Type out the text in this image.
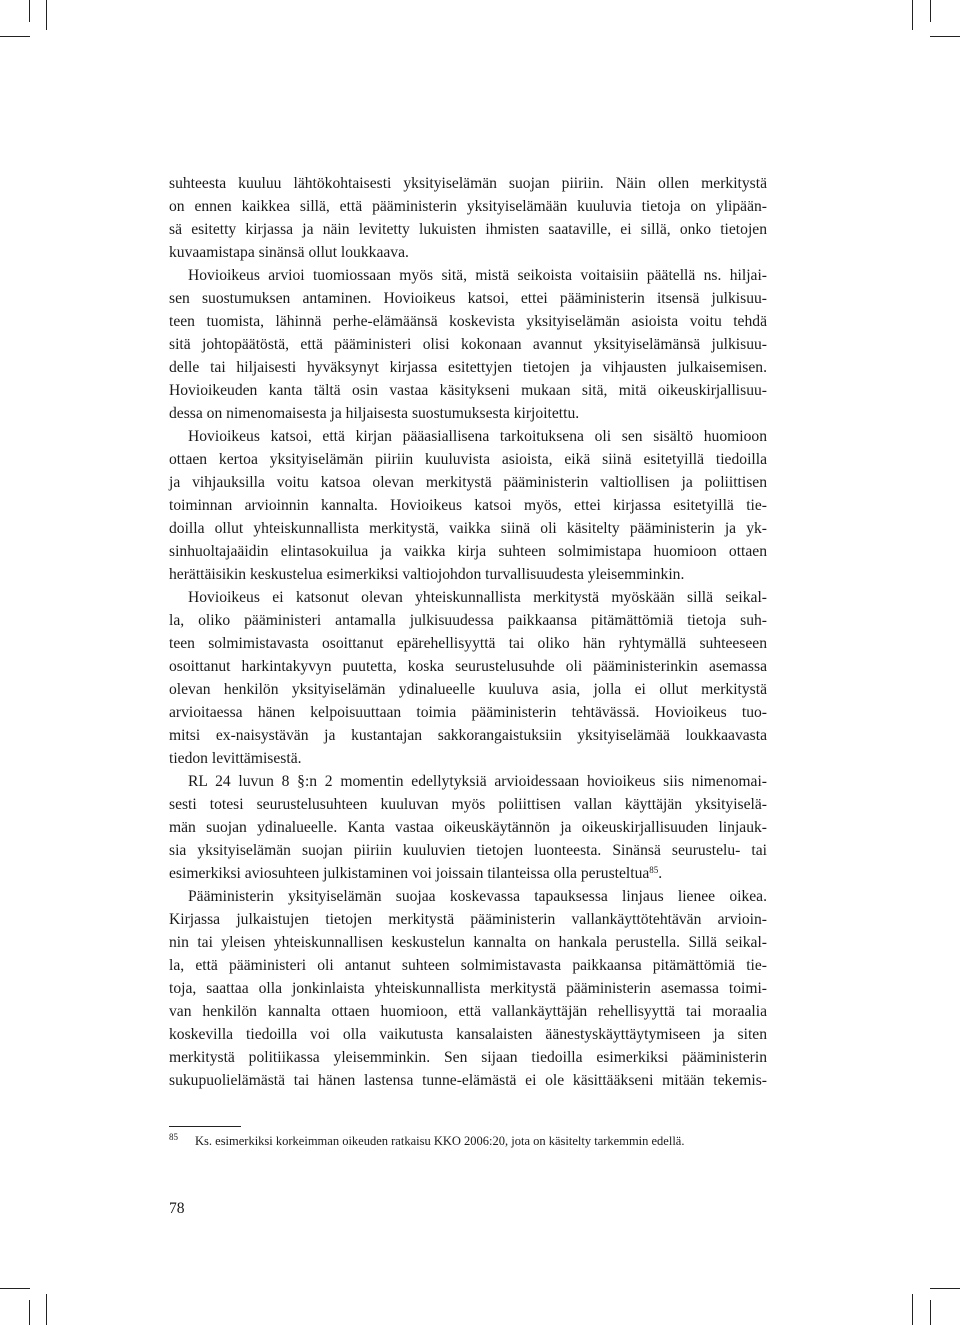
suhteesta kuuluu lähtökohtaisesti yksityiselämän suojan piiriin. Näin ollen merkitystä
on ennen kaikkea sillä, että pääministerin yksityiselämään kuuluvia tietoja on ylipään-
sä esitetty kirjassa ja näin levitetty lukuisten ihmisten saataville, ei sillä, onko tietojen
kuvaamistapa sinänsä ollut loukkaava.
Hovioikeus arvioi tuomiossaan myös sitä, mistä seikoista voitaisiin päätellä ns. hiljai-
sen suostumuksen antaminen. Hovioikeus katsoi, ettei pääministerin itsensä julkisuu-
teen tuomista, lähinnä perhe-elämäänsä koskevista yksityiselämän asioista voitu tehdä
sitä johtopäätöstä, että pääministeri olisi kokonaan avannut yksityiselämänsä julkisuu-
delle tai hiljaisesti hyväksynyt kirjassa esitettyjen tietojen ja vihjausten julkaisemisen.
Hovioikeuden kanta tältä osin vastaa käsitykseni mukaan sitä, mitä oikeuskirjallisuu-
dessa on nimenomaisesta ja hiljaisesta suostumuksesta kirjoitettu.
Hovioikeus katsoi, että kirjan pääasiallisena tarkoituksena oli sen sisältö huomioon
ottaen kertoa yksityiselämän piiriin kuuluvista asioista, eikä siinä esitetyillä tiedoilla
ja vihjauksilla voitu katsoa olevan merkitystä pääministerin valtiollisen ja poliittisen
toiminnan arvioinnin kannalta. Hovioikeus katsoi myös, ettei kirjassa esitetyillä tie-
doilla ollut yhteiskunnallista merkitystä, vaikka siinä oli käsitelty pääministerin ja yk-
sinhuoltajaäidin elintasokuilua ja vaikka kirja suhteen solmimistapa huomioon ottaen
herättäisikin keskustelua esimerkiksi valtiojohdon turvallisuudesta yleisemminkin.
Hovioikeus ei katsonut olevan yhteiskunnallista merkitystä myöskään sillä seikal-
la, oliko pääministeri antamalla julkisuudessa paikkaansa pitämättömiä tietoja suh-
teen solmimistavasta osoittanut epärehellisyyttä tai oliko hän ryhtymällä suhteeseen
osoittanut harkintakyvyn puutetta, koska seurustelusuhde oli pääministerinkin asemassa
olevan henkilön yksityiselämän ydinalueelle kuuluva asia, jolla ei ollut merkitystä
arvioitaessa hänen kelpoisuuttaan toimia pääministerin tehtävässä. Hovioikeus tuo-
mitsi ex-naisystävän ja kustantajan sakkorangaistuksiin yksityiselämää loukkaavasta
tiedon levittämisestä.
RL 24 luvun 8 §:n 2 momentin edellytyksiä arvioidessaan hovioikeus siis nimenomai-
sesti totesi seurustelusuhteen kuuluvan myös poliittisen vallan käyttäjän yksityiselä-
män suojan ydinalueelle. Kanta vastaa oikeuskäytännön ja oikeuskirjallisuuden linjauk-
sia yksityiselämän suojan piiriin kuuluvien tietojen luonteesta. Sinänsä seurustelu- tai
esimerkiksi aviosuhteen julkistaminen voi joissain tilanteissa olla perusteltua$^{85}$.
Pääministerin yksityiselämän suojaa koskevassa tapauksessa linjaus lienee oikea.
Kirjassa julkaistujen tietojen merkitystä pääministerin vallankäyttötehtävän arvioin-
nin tai yleisen yhteiskunnallisen keskustelun kannalta on hankala perustella. Sillä seikal-
la, että pääministeri oli antanut suhteen solmimistavasta paikkaansa pitämättömiä tie-
toja, saattaa olla jonkinlaista yhteiskunnallista merkitystä pääministerin asemassa toimi-
van henkilön kannalta ottaen huomioon, että vallankäyttäjän rehellisyyttä tai moraalia
koskevilla tiedoilla voi olla vaikutusta kansalaisten äänestyskäyttäytymiseen ja siten
merkitystä politiikassa yleisemminkin. Sen sijaan tiedoilla esimerkiksi pääministerin
sukupuolielämästä tai hänen lastensa tunne-elämästä ei ole käsittääkseni mitään tekemis-
85 Ks. esimerkiksi korkeimman oikeuden ratkaisu KKO 2006:20, jota on käsitelty tarkemmin edellä.
78
